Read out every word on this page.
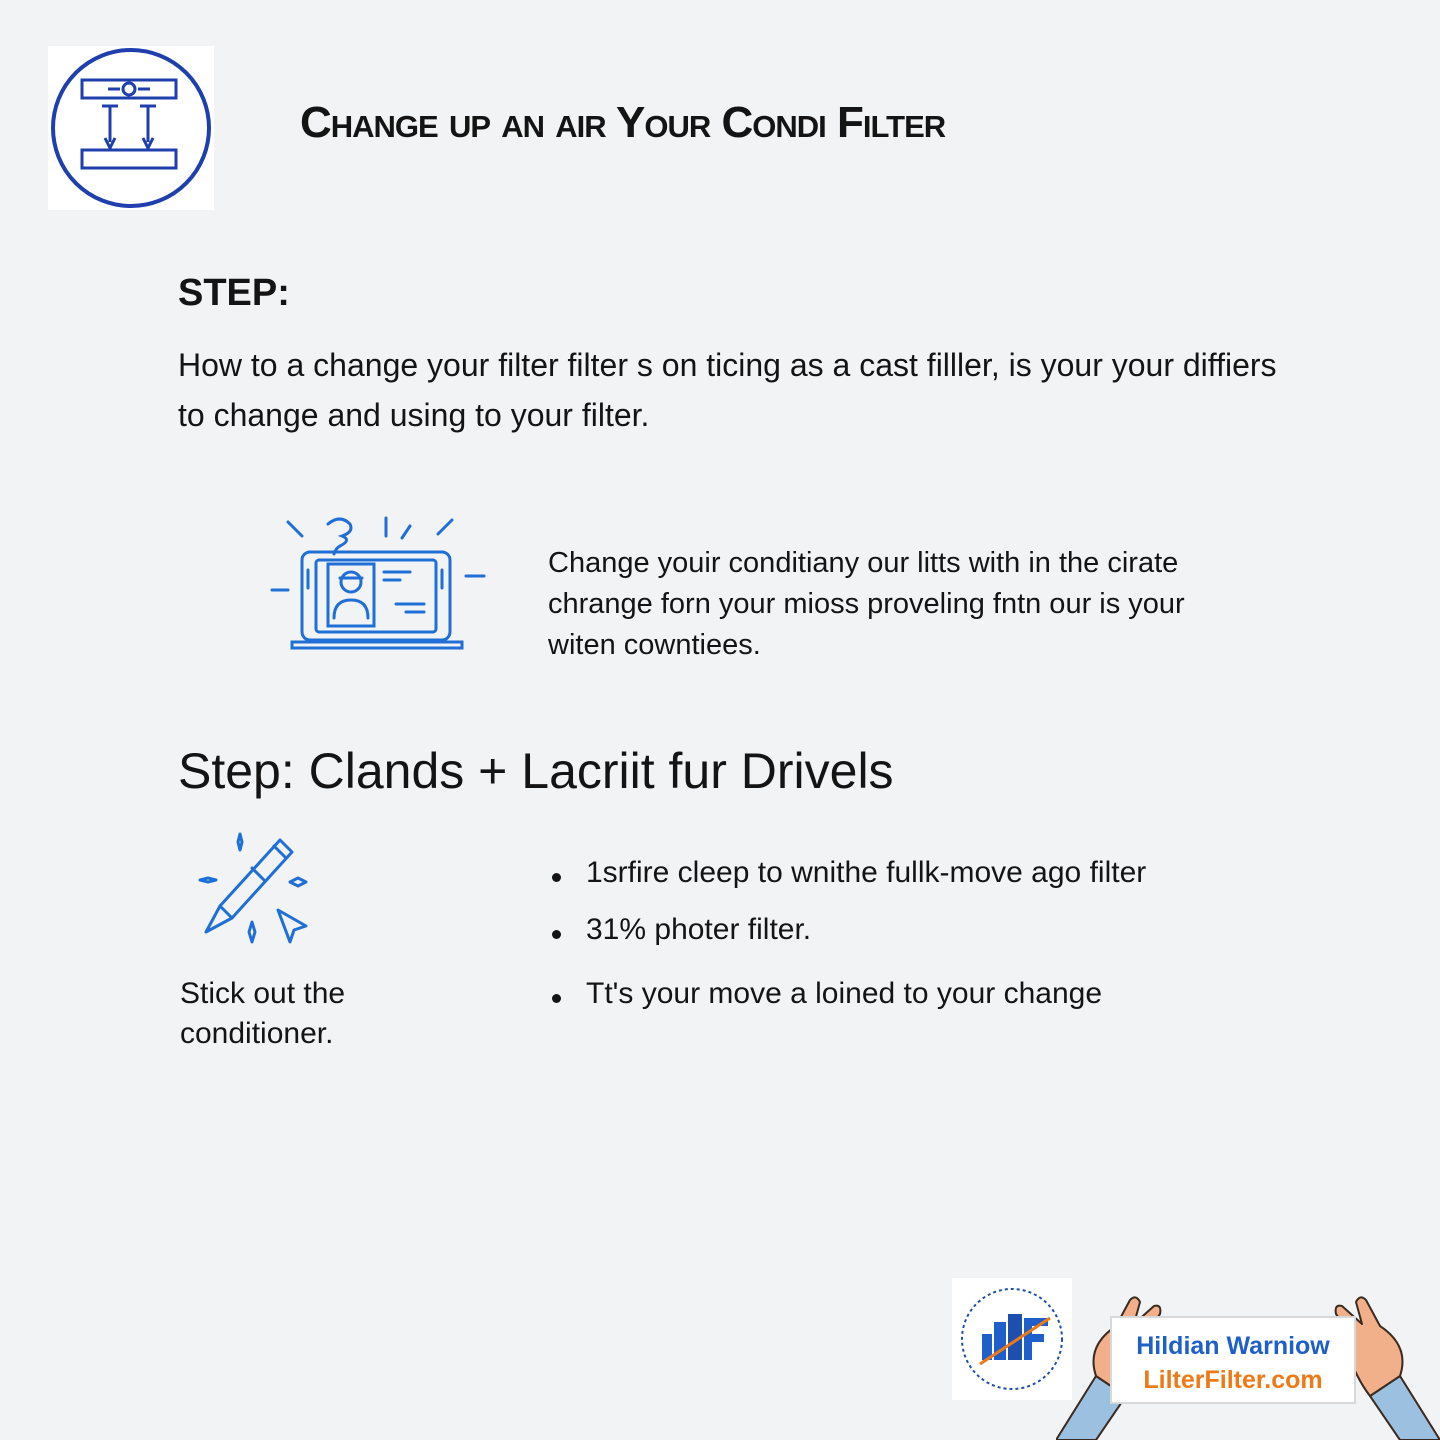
Change up an air Your Condi Filter
STEP:
How to a change your filter filter s on ticing as a cast filller, is your your diffiers to change and using to your filter.
Change youir conditiany our litts with in the cirate chrange forn your mioss proveling fntn our is your witen cowntiees.
Step: Clands + Lacriit fur Drivels
Stick out the conditioner.
1srfire cleep to wnithe fullk-move ago filter
31% photer filter.
Tt's your move a loined to your change
Hildian Warniow
LilterFilter.com
